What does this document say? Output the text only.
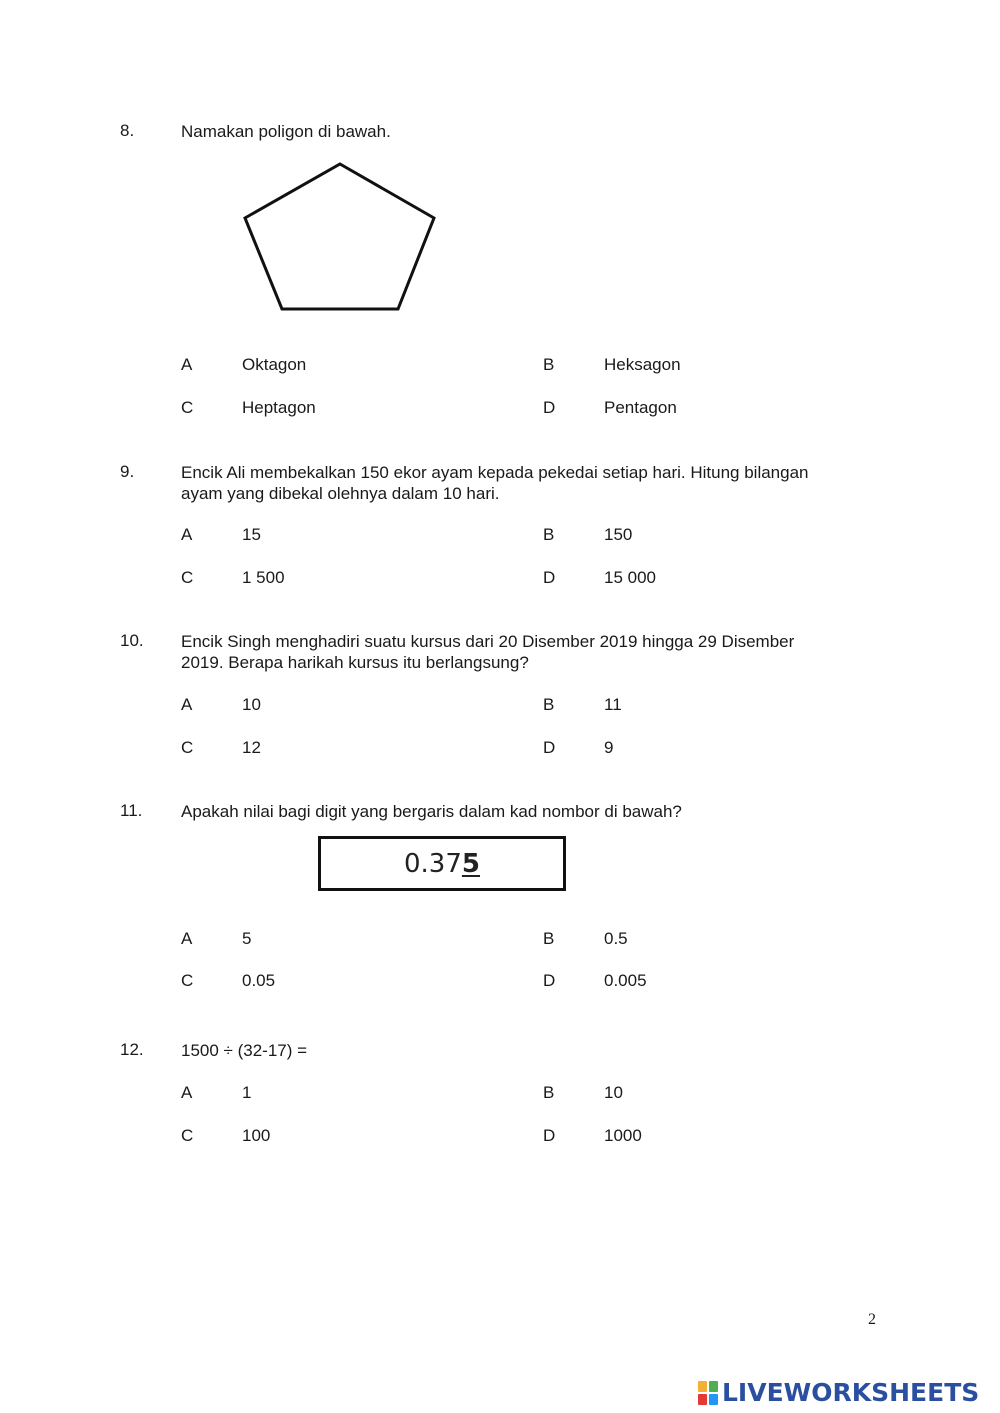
8.	Namakan poligon di bawah.
A	Oktagon	B	Heksagon
C	Heptagon	D	Pentagon
9.	Encik Ali membekalkan 150 ekor ayam kepada pekedai setiap hari. Hitung bilangan
ayam yang dibekal olehnya dalam 10 hari.
A	15	B	150
C	1 500	D	15 000
10. Encik Singh menghadiri suatu kursus dari 20 Disember 2019 hingga 29 Disember
2019. Berapa harikah kursus itu berlangsung?
A	10	B	11
C	12	D	9
11. Apakah nilai bagi digit yang bergaris dalam kad nombor di bawah?
0.37 5
A	5	B	0.5
C	0.05	D	0.005
12. 1500 ÷ (32-17) =
A	1	B	10
C	100	D	1000
2
LIVEWORKSHEETS
